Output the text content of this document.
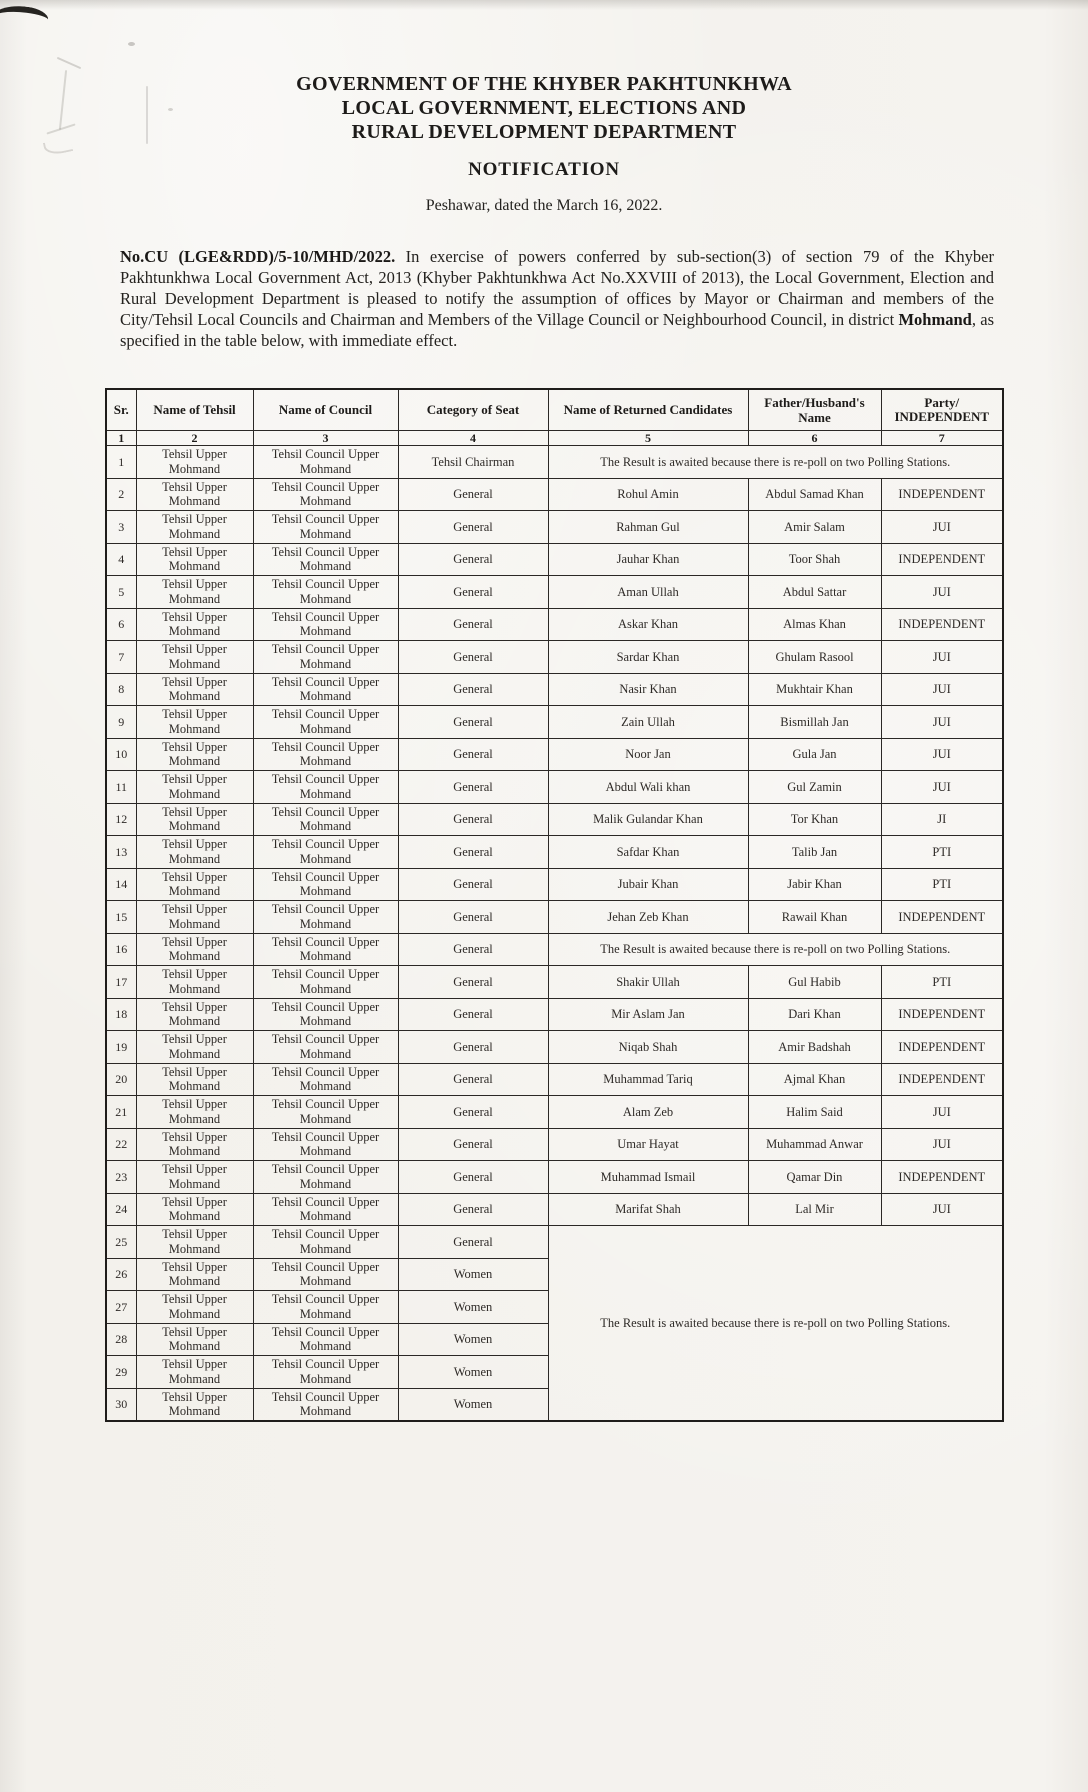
GOVERNMENT OF THE KHYBER PAKHTUNKHWA
LOCAL GOVERNMENT, ELECTIONS AND
RURAL DEVELOPMENT DEPARTMENT
NOTIFICATION
Peshawar, dated the March 16, 2022.

No.CU (LGE&RDD)/5-10/MHD/2022. In exercise of powers conferred by sub-section(3) of section 79 of the Khyber Pakhtunkhwa Local Government Act, 2013 (Khyber Pakhtunkhwa Act No.XXVIII of 2013), the Local Government, Election and Rural Development Department is pleased to notify the assumption of offices by Mayor or Chairman and members of the City/Tehsil Local Councils and Chairman and Members of the Village Council or Neighbourhood Council, in district Mohmand, as specified in the table below, with immediate effect.

Sr.	Name of Tehsil	Name of Council	Category of Seat	Name of Returned Candidates	Father/Husband's Name	Party/
INDEPENDENT

1	2	3	4	5	6	7
1	Tehsil Upper Mohmand	Tehsil Council Upper Mohmand	Tehsil Chairman	The Result is awaited because there is re-poll on two Polling Stations.		
2	Tehsil Upper Mohmand	Tehsil Council Upper Mohmand	General	Rohul Amin	Abdul Samad Khan	INDEPENDENT
3	Tehsil Upper Mohmand	Tehsil Council Upper Mohmand	General	Rahman Gul	Amir Salam	JUI
4	Tehsil Upper Mohmand	Tehsil Council Upper Mohmand	General	Jauhar Khan	Toor Shah	INDEPENDENT
5	Tehsil Upper Mohmand	Tehsil Council Upper Mohmand	General	Aman Ullah	Abdul Sattar	JUI
6	Tehsil Upper Mohmand	Tehsil Council Upper Mohmand	General	Askar Khan	Almas Khan	INDEPENDENT
7	Tehsil Upper Mohmand	Tehsil Council Upper Mohmand	General	Sardar Khan	Ghulam Rasool	JUI
8	Tehsil Upper Mohmand	Tehsil Council Upper Mohmand	General	Nasir Khan	Mukhtair Khan	JUI
9	Tehsil Upper Mohmand	Tehsil Council Upper Mohmand	General	Zain Ullah	Bismillah Jan	JUI
10	Tehsil Upper Mohmand	Tehsil Council Upper Mohmand	General	Noor Jan	Gula Jan	JUI
11	Tehsil Upper Mohmand	Tehsil Council Upper Mohmand	General	Abdul Wali khan	Gul Zamin	JUI
12	Tehsil Upper Mohmand	Tehsil Council Upper Mohmand	General	Malik Gulandar Khan	Tor Khan	JI
13	Tehsil Upper Mohmand	Tehsil Council Upper Mohmand	General	Safdar Khan	Talib Jan	PTI
14	Tehsil Upper Mohmand	Tehsil Council Upper Mohmand	General	Jubair Khan	Jabir Khan	PTI
15	Tehsil Upper Mohmand	Tehsil Council Upper Mohmand	General	Jehan Zeb Khan	Rawail Khan	INDEPENDENT
16	Tehsil Upper Mohmand	Tehsil Council Upper Mohmand	General	The Result is awaited because there is re-poll on two Polling Stations.		
17	Tehsil Upper Mohmand	Tehsil Council Upper Mohmand	General	Shakir Ullah	Gul Habib	PTI
18	Tehsil Upper Mohmand	Tehsil Council Upper Mohmand	General	Mir Aslam Jan	Dari Khan	INDEPENDENT
19	Tehsil Upper Mohmand	Tehsil Council Upper Mohmand	General	Niqab Shah	Amir Badshah	INDEPENDENT
20	Tehsil Upper Mohmand	Tehsil Council Upper Mohmand	General	Muhammad Tariq	Ajmal Khan	INDEPENDENT
21	Tehsil Upper Mohmand	Tehsil Council Upper Mohmand	General	Alam Zeb	Halim Said	JUI
22	Tehsil Upper Mohmand	Tehsil Council Upper Mohmand	General	Umar Hayat	Muhammad Anwar	JUI
23	Tehsil Upper Mohmand	Tehsil Council Upper Mohmand	General	Muhammad Ismail	Qamar Din	INDEPENDENT
24	Tehsil Upper Mohmand	Tehsil Council Upper Mohmand	General	Marifat Shah	Lal Mir	JUI
25	Tehsil Upper Mohmand	Tehsil Council Upper Mohmand	General	The Result is awaited because there is re-poll on two Polling Stations.		
26	Tehsil Upper Mohmand	Tehsil Council Upper Mohmand	Women			
27	Tehsil Upper Mohmand	Tehsil Council Upper Mohmand	Women			
28	Tehsil Upper Mohmand	Tehsil Council Upper Mohmand	Women			
29	Tehsil Upper Mohmand	Tehsil Council Upper Mohmand	Women			
30	Tehsil Upper Mohmand	Tehsil Council Upper Mohmand	Women			
